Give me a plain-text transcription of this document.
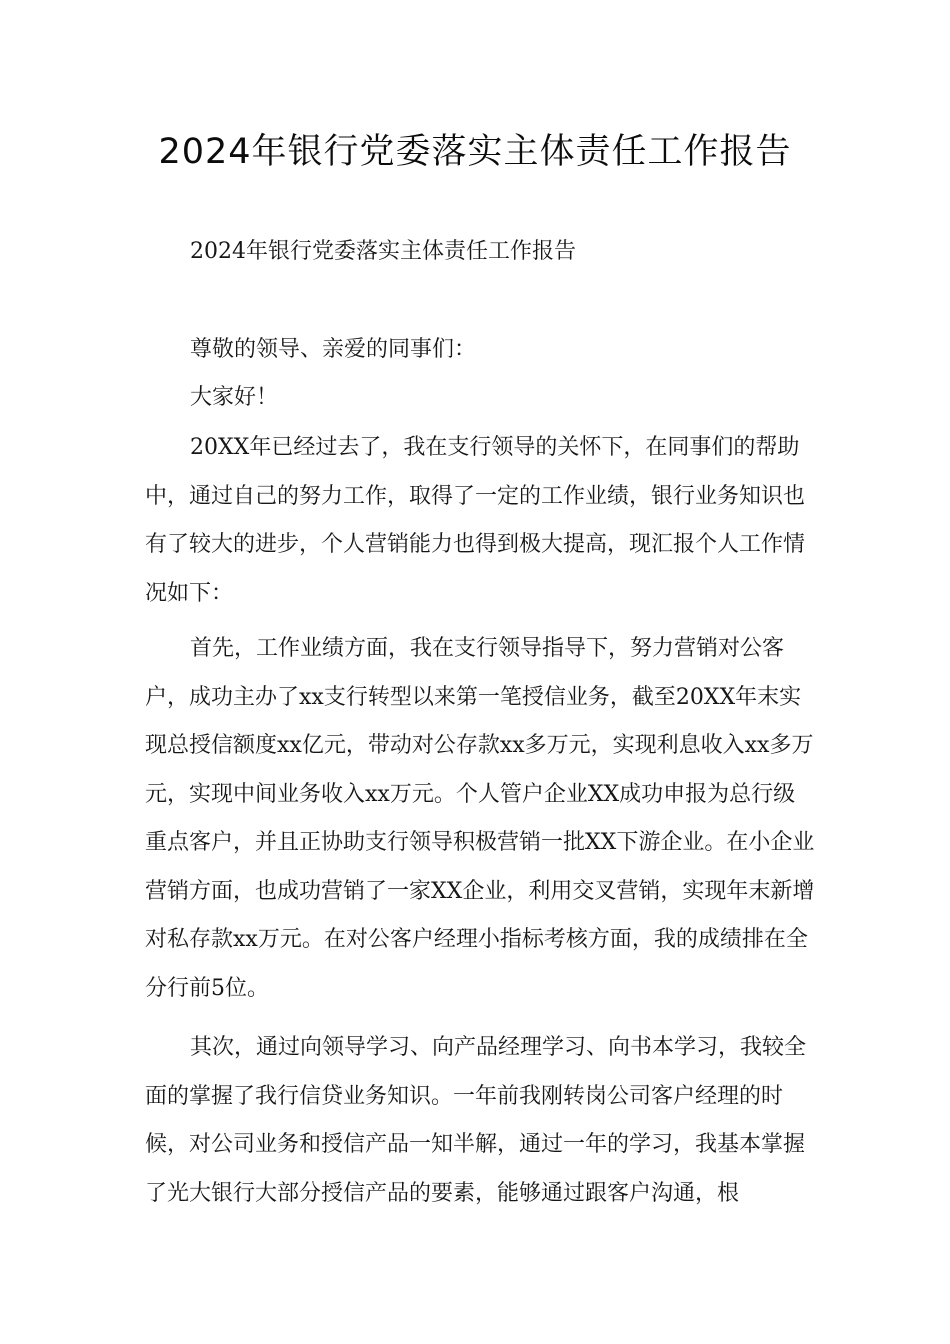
2024年银行党委落实主体责任工作报告

2024年银行党委落实主体责任工作报告

尊敬的领导、亲爱的同事们：

大家好！

20XX年已经过去了，我在支行领导的关怀下，在同事们的帮助中，通过自己的努力工作，取得了一定的工作业绩，银行业务知识也有了较大的进步，个人营销能力也得到极大提高，现汇报个人工作情况如下：

首先，工作业绩方面，我在支行领导指导下，努力营销对公客户，成功主办了xx支行转型以来第一笔授信业务，截至20XX年末实现总授信额度xx亿元，带动对公存款xx多万元，实现利息收入xx多万元，实现中间业务收入xx万元。个人管户企业XX成功申报为总行级重点客户，并且正协助支行领导积极营销一批XX下游企业。在小企业营销方面，也成功营销了一家XX企业，利用交叉营销，实现年末新增对私存款xx万元。在对公客户经理小指标考核方面，我的成绩排在全分行前5位。

其次，通过向领导学习、向产品经理学习、向书本学习，我较全面的掌握了我行信贷业务知识。一年前我刚转岗公司客户经理的时候，对公司业务和授信产品一知半解，通过一年的学习，我基本掌握了光大银行大部分授信产品的要素，能够通过跟客户沟通，根
